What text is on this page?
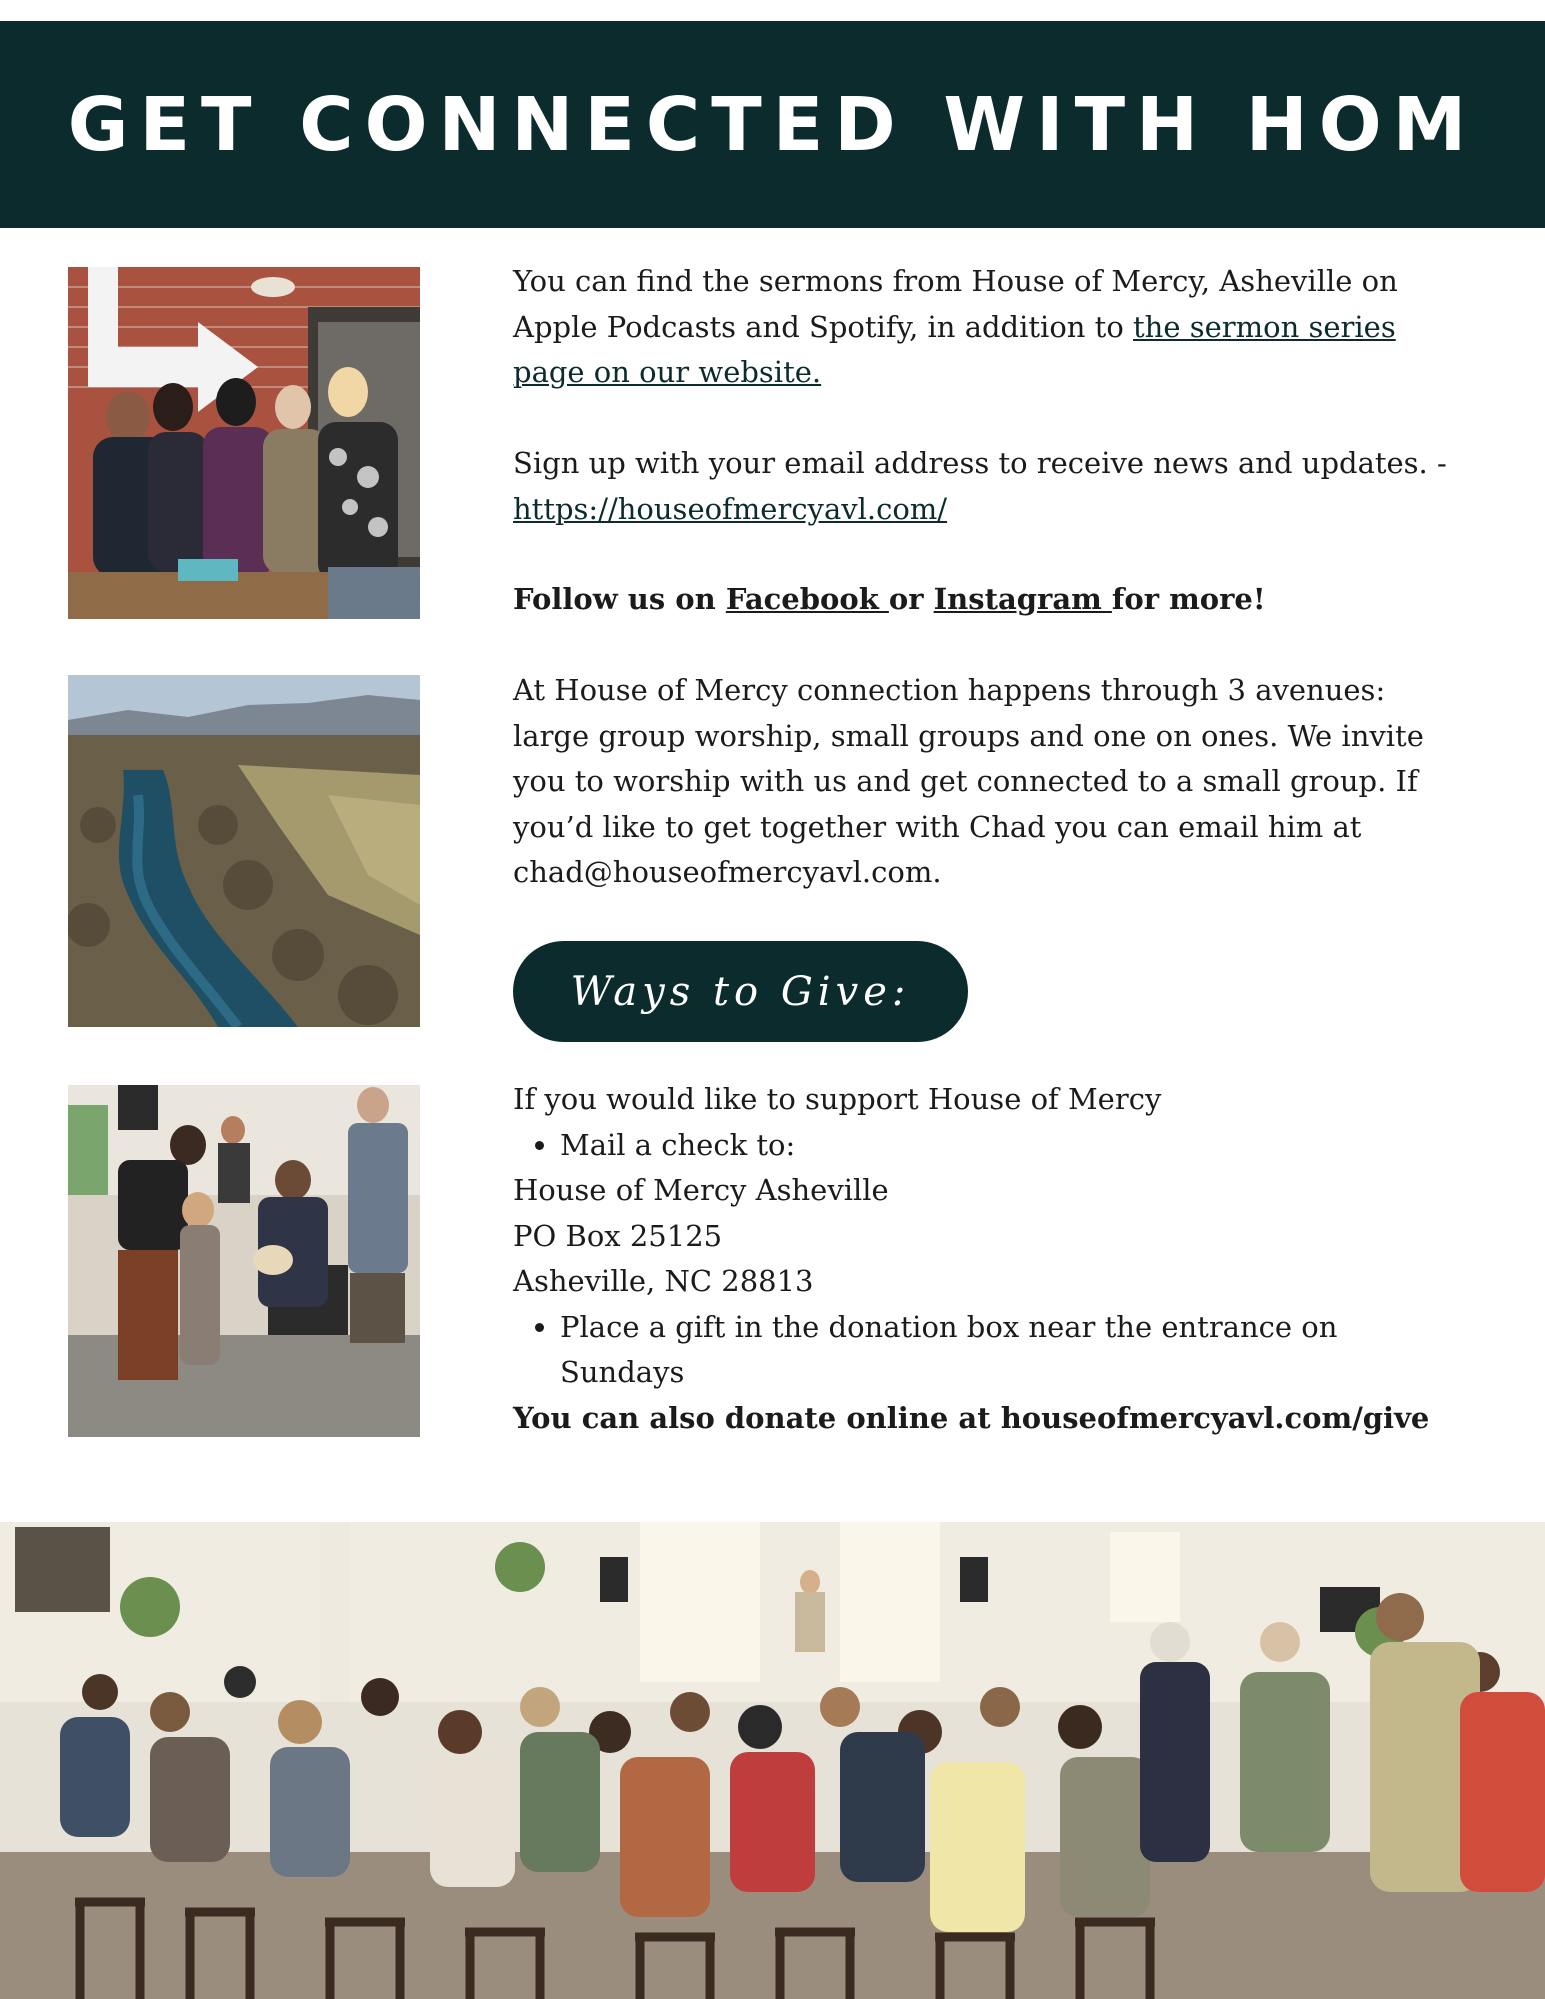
GET CONNECTED WITH HOM

You can find the sermons from House of Mercy, Asheville on Apple Podcasts and Spotify, in addition to the sermon series page on our website.

Sign up with your email address to receive news and updates. -
https://houseofmercyavl.com/

Follow us on Facebook or Instagram for more!

At House of Mercy connection happens through 3 avenues: large group worship, small groups and one on ones. We invite you to worship with us and get connected to a small group. If you’d like to get together with Chad you can email him at chad@houseofmercyavl.com.

Ways to Give:

If you would like to support House of Mercy

• Mail a check to:

House of Mercy Asheville
PO Box 25125
Asheville, NC 28813

• Place a gift in the donation box near the entrance on Sundays

You can also donate online at houseofmercyavl.com/give
